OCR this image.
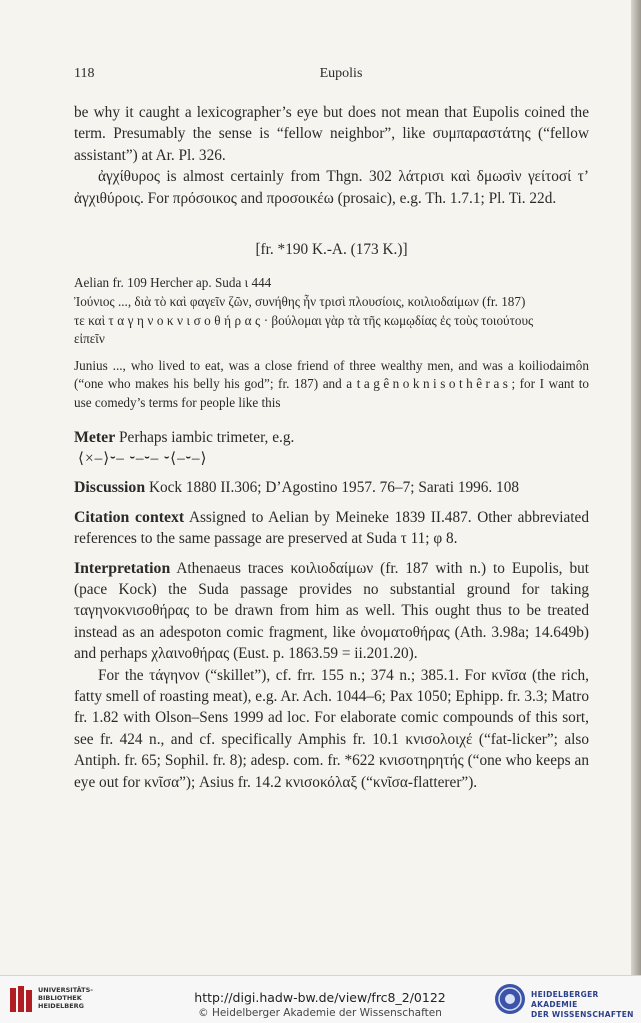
118	Eupolis

be why it caught a lexicographer’s eye but does not mean that Eupolis coined the term. Presumably the sense is “fellow neighbor”, like συμπαραστάτης (“fellow assistant”) at Ar. Pl. 326.

ἀγχίθυρος is almost certainly from Thgn. 302 λάτρισι καὶ δμωσὶν γείτοσί τ’ ἀγχιθύροις. For πρόσοικος and προσοικέω (prosaic), e.g. Th. 1.7.1; Pl. Ti. 22d.

[fr. *190 K.-A. (173 K.)]

Aelian fr. 109 Hercher ap. Suda ι 444

Ἰούνιος ..., διὰ τὸ καὶ φαγεῖν ζῶν, συνήθης ἦν τρισὶ πλουσίοις, κοιλιοδαίμων (fr. 187)

τε καὶ ταγηνοκνισοθήρας· βούλομαι γὰρ τὰ τῆς κωμῳδίας ἐς τοὺς τοιούτους

εἰπεῖν

Junius ..., who lived to eat, was a close friend of three wealthy men, and was a koiliodaimôn (“one who makes his belly his god”; fr. 187) and a tagênoknisothêras; for I want to use comedy’s terms for people like this

Meter Perhaps iambic trimeter, e.g.

⟨×–⟩⏑– ⏑–⏑– ⏑⟨–⏑–⟩

Discussion Kock 1880 II.306; D’Agostino 1957. 76–7; Sarati 1996. 108

Citation context Assigned to Aelian by Meineke 1839 II.487. Other abbreviated references to the same passage are preserved at Suda τ 11; φ 8.

Interpretation Athenaeus traces κοιλιοδαίμων (fr. 187 with n.) to Eupolis, but (pace Kock) the Suda passage provides no substantial ground for taking ταγηνοκνισοθήρας to be drawn from him as well. This ought thus to be treated instead as an adespoton comic fragment, like ὀνοματοθήρας (Ath. 3.98a; 14.649b) and perhaps χλαινοθήρας (Eust. p. 1863.59 = ii.201.20).

For the τάγηνον (“skillet”), cf. frr. 155 n.; 374 n.; 385.1. For κνῖσα (the rich, fatty smell of roasting meat), e.g. Ar. Ach. 1044–6; Pax 1050; Ephipp. fr. 3.3; Matro fr. 1.82 with Olson–Sens 1999 ad loc. For elaborate comic compounds of this sort, see fr. 424 n., and cf. specifically Amphis fr. 10.1 κνισολοιχέ (“fat-licker”; also Antiph. fr. 65; Sophil. fr. 8); adesp. com. fr. *622 κνισοτηρητής (“one who keeps an eye out for κνῖσα”); Asius fr. 14.2 κνισοκόλαξ (“κνῖσα-flatterer”).

UNIVERSITÄTS-
BIBLIOTHEK
HEIDELBERG
http://digi.hadw-bw.de/view/frc8_2/0122
© Heidelberger Akademie der Wissenschaften
HEIDELBERGER AKADEMIE
DER WISSENSCHAFTEN
